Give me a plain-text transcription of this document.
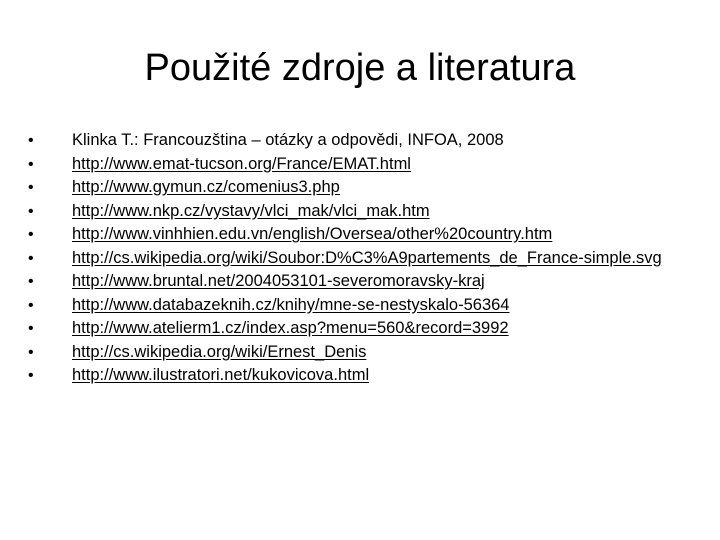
Použité zdroje a literatura
• Klinka T.: Francouzština – otázky a odpovědi, INFOA, 2008
• http://www.emat-tucson.org/France/EMAT.html
• http://www.gymun.cz/comenius3.php
• http://www.nkp.cz/vystavy/vlci_mak/vlci_mak.htm
• http://www.vinhhien.edu.vn/english/Oversea/other%20country.htm
• http://cs.wikipedia.org/wiki/Soubor:D%C3%A9partements_de_France-simple.svg
• http://www.bruntal.net/2004053101-severomoravsky-kraj
• http://www.databazeknih.cz/knihy/mne-se-nestyskalo-56364
• http://www.atelierm1.cz/index.asp?menu=560&record=3992
• http://cs.wikipedia.org/wiki/Ernest_Denis
• http://www.ilustratori.net/kukovicova.html
